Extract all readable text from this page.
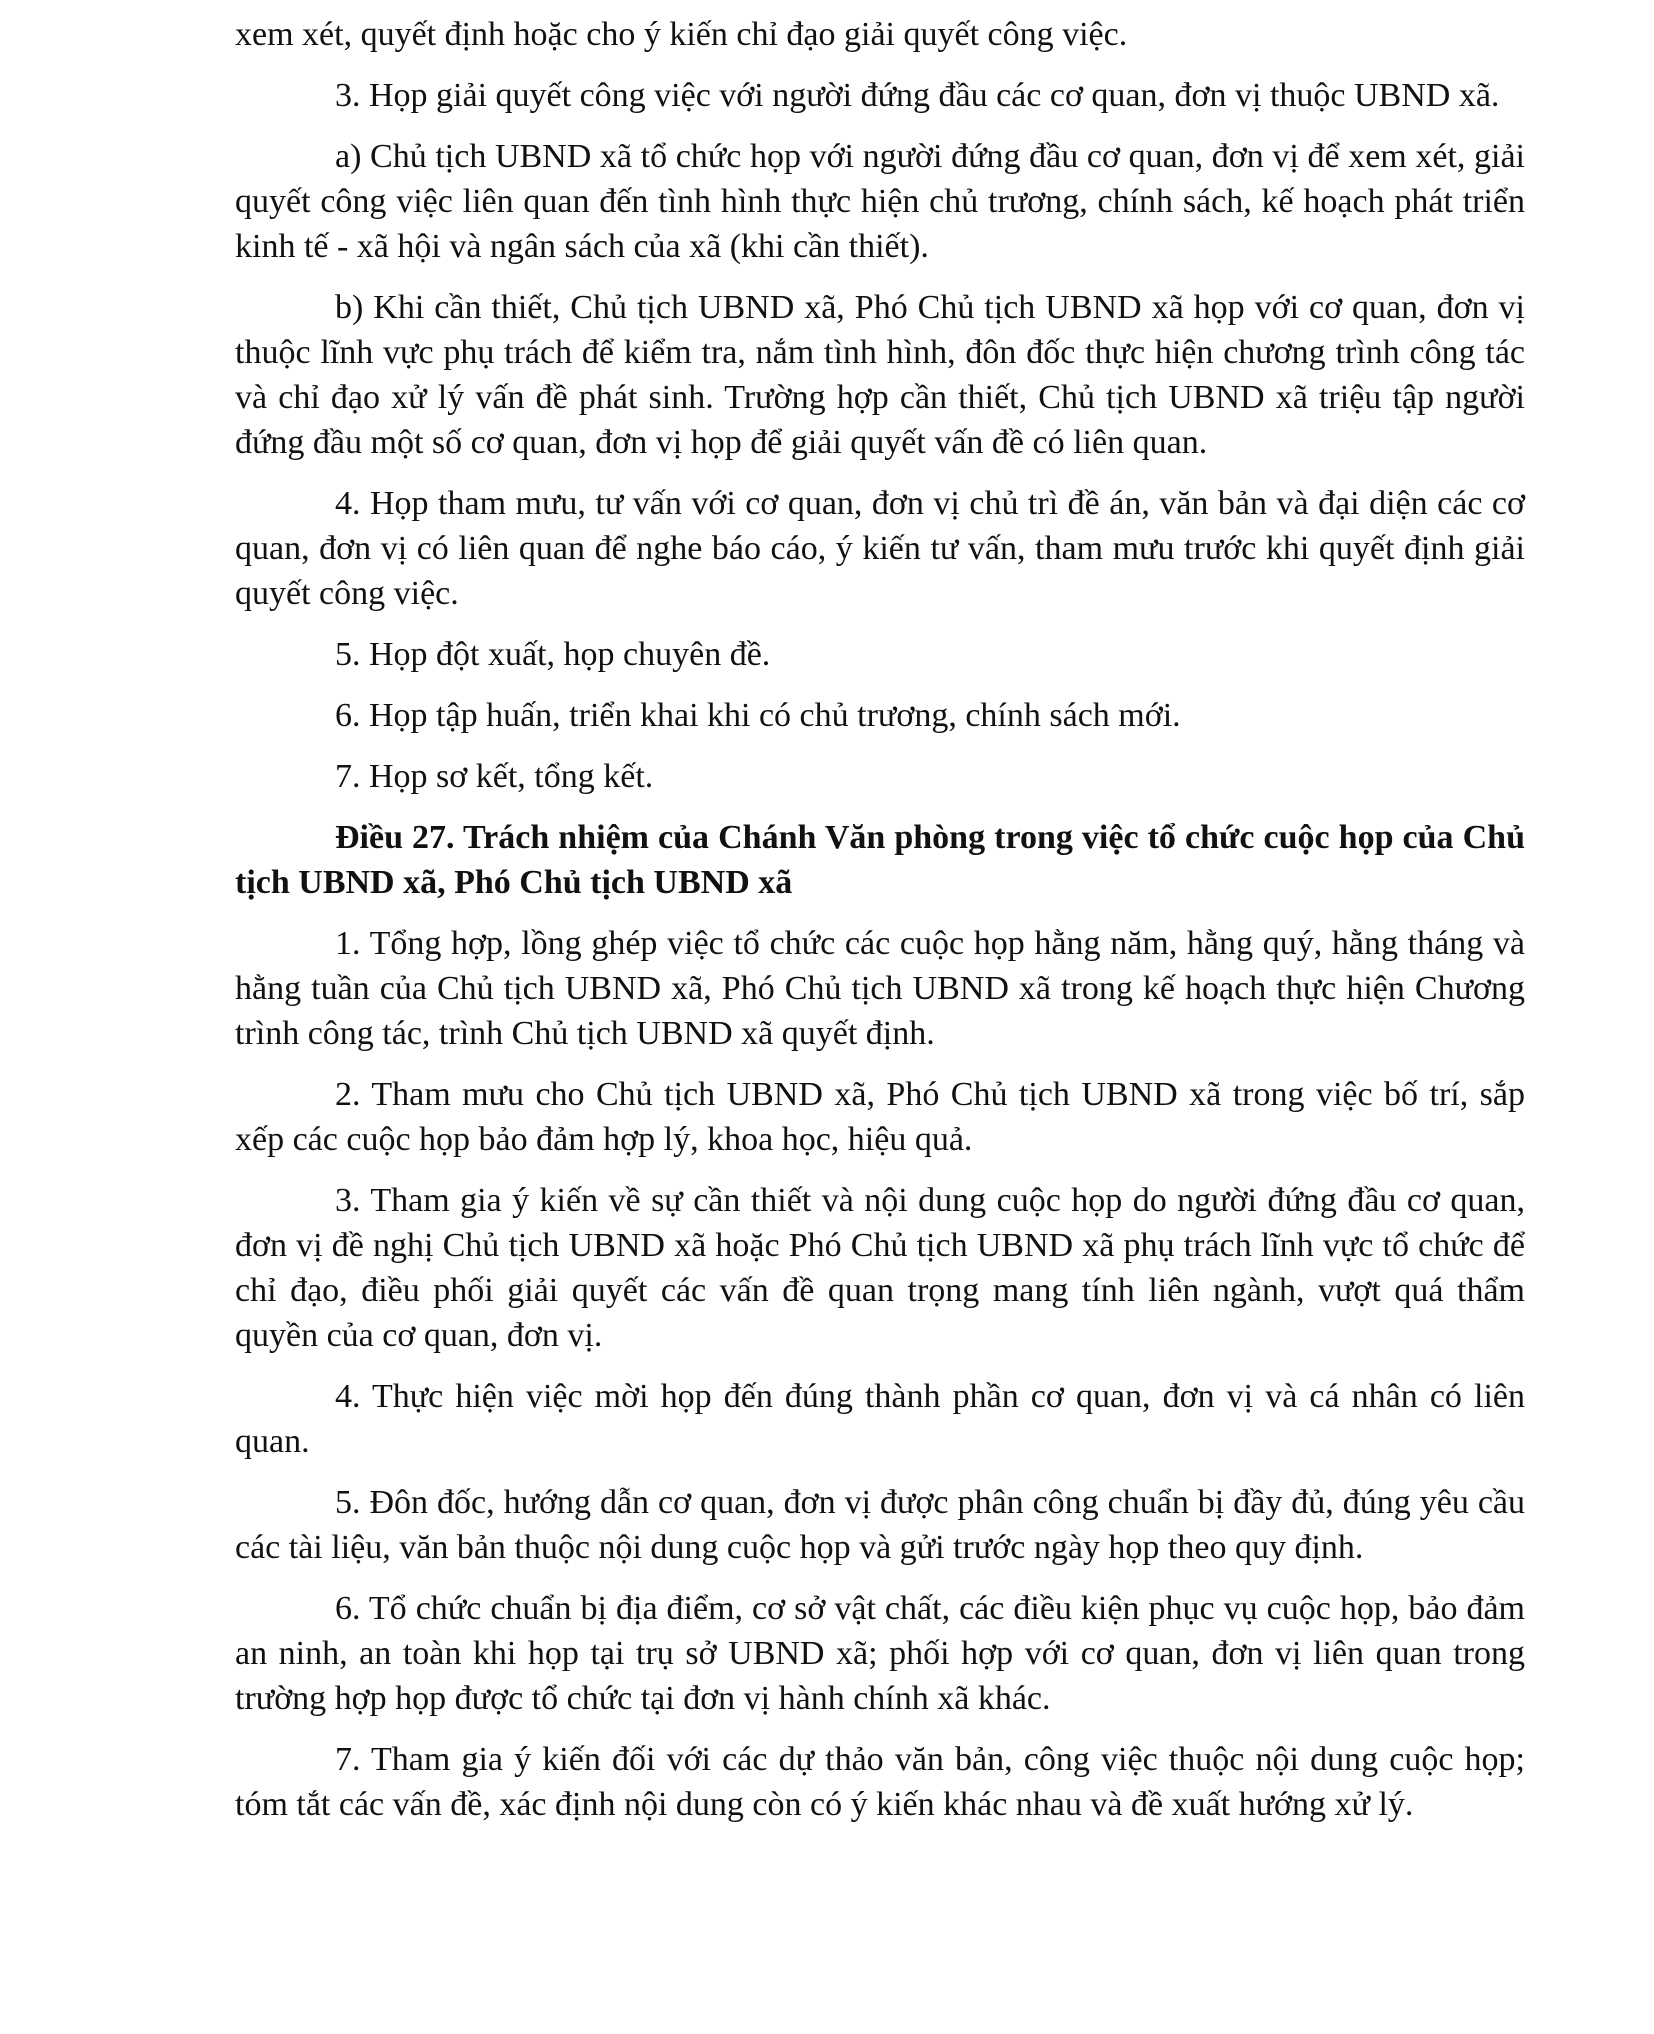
xem xét, quyết định hoặc cho ý kiến chỉ đạo giải quyết công việc.

3. Họp giải quyết công việc với người đứng đầu các cơ quan, đơn vị thuộc UBND xã.

a) Chủ tịch UBND xã tổ chức họp với người đứng đầu cơ quan, đơn vị để xem xét, giải quyết công việc liên quan đến tình hình thực hiện chủ trương, chính sách, kế hoạch phát triển kinh tế - xã hội và ngân sách của xã (khi cần thiết).

b) Khi cần thiết, Chủ tịch UBND xã, Phó Chủ tịch UBND xã họp với cơ quan, đơn vị thuộc lĩnh vực phụ trách để kiểm tra, nắm tình hình, đôn đốc thực hiện chương trình công tác và chỉ đạo xử lý vấn đề phát sinh. Trường hợp cần thiết, Chủ tịch UBND xã triệu tập người đứng đầu một số cơ quan, đơn vị họp để giải quyết vấn đề có liên quan.

4. Họp tham mưu, tư vấn với cơ quan, đơn vị chủ trì đề án, văn bản và đại diện các cơ quan, đơn vị có liên quan để nghe báo cáo, ý kiến tư vấn, tham mưu trước khi quyết định giải quyết công việc.

5. Họp đột xuất, họp chuyên đề.

6. Họp tập huấn, triển khai khi có chủ trương, chính sách mới.

7. Họp sơ kết, tổng kết.

Điều 27. Trách nhiệm của Chánh Văn phòng trong việc tổ chức cuộc họp của Chủ tịch UBND xã, Phó Chủ tịch UBND xã

1. Tổng hợp, lồng ghép việc tổ chức các cuộc họp hằng năm, hằng quý, hằng tháng và hằng tuần của Chủ tịch UBND xã, Phó Chủ tịch UBND xã trong kế hoạch thực hiện Chương trình công tác, trình Chủ tịch UBND xã quyết định.

2. Tham mưu cho Chủ tịch UBND xã, Phó Chủ tịch UBND xã trong việc bố trí, sắp xếp các cuộc họp bảo đảm hợp lý, khoa học, hiệu quả.

3. Tham gia ý kiến về sự cần thiết và nội dung cuộc họp do người đứng đầu cơ quan, đơn vị đề nghị Chủ tịch UBND xã hoặc Phó Chủ tịch UBND xã phụ trách lĩnh vực tổ chức để chỉ đạo, điều phối giải quyết các vấn đề quan trọng mang tính liên ngành, vượt quá thẩm quyền của cơ quan, đơn vị.

4. Thực hiện việc mời họp đến đúng thành phần cơ quan, đơn vị và cá nhân có liên quan.

5. Đôn đốc, hướng dẫn cơ quan, đơn vị được phân công chuẩn bị đầy đủ, đúng yêu cầu các tài liệu, văn bản thuộc nội dung cuộc họp và gửi trước ngày họp theo quy định.

6. Tổ chức chuẩn bị địa điểm, cơ sở vật chất, các điều kiện phục vụ cuộc họp, bảo đảm an ninh, an toàn khi họp tại trụ sở UBND xã; phối hợp với cơ quan, đơn vị liên quan trong trường hợp họp được tổ chức tại đơn vị hành chính xã khác.

7. Tham gia ý kiến đối với các dự thảo văn bản, công việc thuộc nội dung cuộc họp; tóm tắt các vấn đề, xác định nội dung còn có ý kiến khác nhau và đề xuất hướng xử lý.
